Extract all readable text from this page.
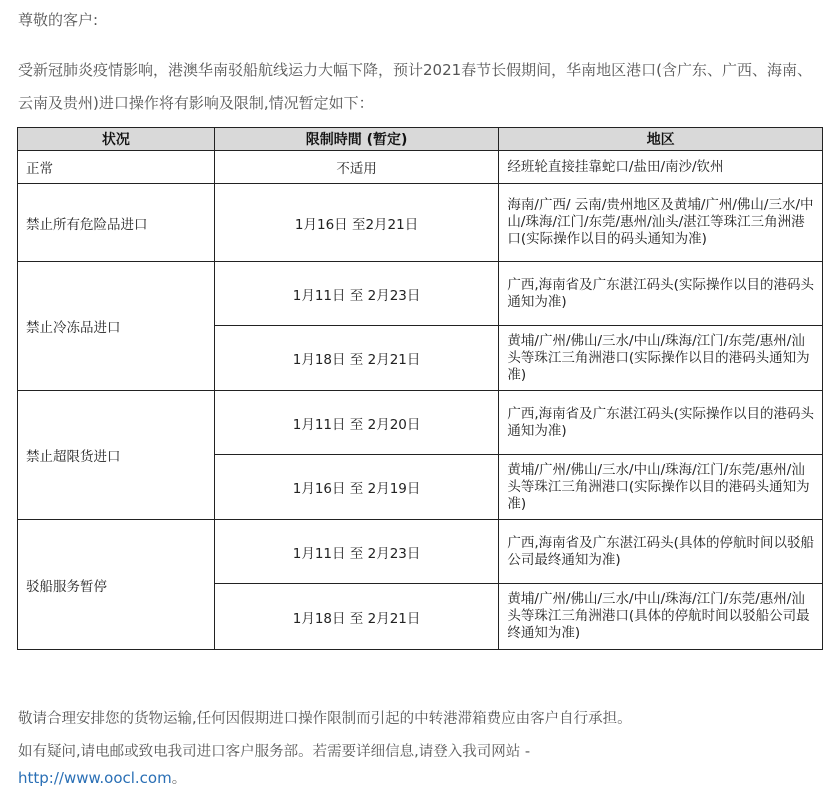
尊敬的客户:
受新冠肺炎疫情影响，港澳华南驳船航线运力大幅下降，预计2021春节长假期间，华南地区港口(含广东、广西、海南、云南及贵州)进口操作将有影响及限制,情况暂定如下：
状况	限制時間 (暂定)	地区
正常	不适用	经班轮直接挂靠蛇口/盐田/南沙/钦州
禁止所有危险品进口	1月16日 至2月21日	海南/广西/ 云南/贵州地区及黄埔/广州/佛山/三水/中山/珠海/江门/东莞/惠州/汕头/湛江等珠江三角洲港口(实际操作以目的码头通知为准)
禁止冷冻品进口	1月11日 至 2月23日	广西,海南省及广东湛江码头(实际操作以目的港码头通知为准)
	1月18日 至 2月21日	黄埔/广州/佛山/三水/中山/珠海/江门/东莞/惠州/汕头等珠江三角洲港口(实际操作以目的港码头通知为准)
禁止超限货进口	1月11日 至 2月20日	广西,海南省及广东湛江码头(实际操作以目的港码头通知为准)
	1月16日 至 2月19日	黄埔/广州/佛山/三水/中山/珠海/江门/东莞/惠州/汕头等珠江三角洲港口(实际操作以目的港码头通知为准)
驳船服务暂停	1月11日 至 2月23日	广西,海南省及广东湛江码头(具体的停航时间以驳船公司最终通知为准)
	1月18日 至 2月21日	黄埔/广州/佛山/三水/中山/珠海/江门/东莞/惠州/汕头等珠江三角洲港口(具体的停航时间以驳船公司最终通知为准)
敬请合理安排您的货物运输,任何因假期进口操作限制而引起的中转港滞箱费应由客户自行承担。
如有疑问,请电邮或致电我司进口客户服务部。若需要详细信息,请登入我司网站 -
http://www.oocl.com。
